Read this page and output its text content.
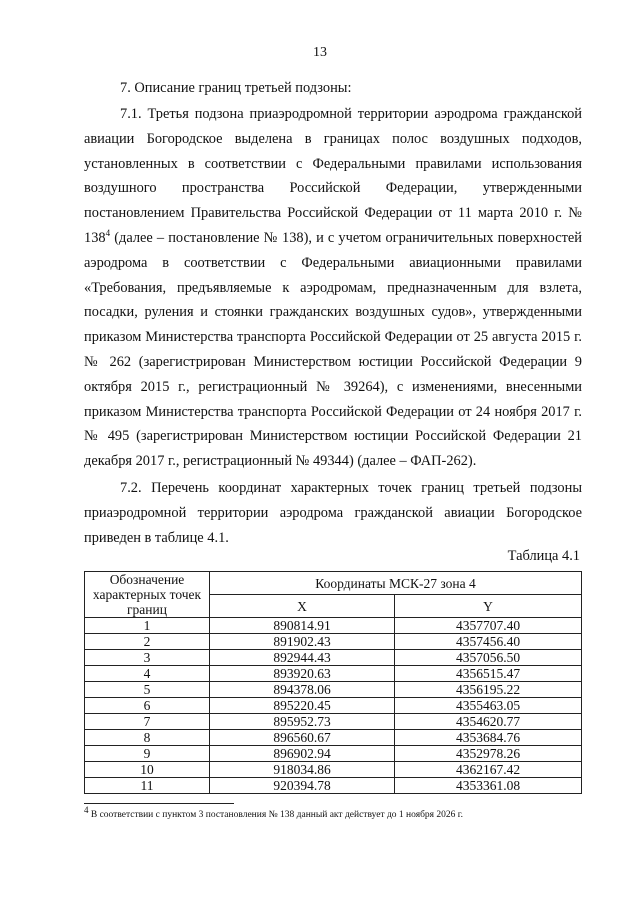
13
7. Описание границ третьей подзоны:
7.1. Третья подзона приаэродромной территории аэродрома гражданской авиации Богородское выделена в границах полос воздушных подходов, установленных в соответствии с Федеральными правилами использования воздушного пространства Российской Федерации, утвержденными постановлением Правительства Российской Федерации от 11 марта 2010 г. № $138^4$ (далее – постановление № 138), и с учетом ограничительных поверхностей аэродрома в соответствии с Федеральными авиационными правилами «Требования, предъявляемые к аэродромам, предназначенным для взлета, посадки, руления и стоянки гражданских воздушных судов», утвержденными приказом Министерства транспорта Российской Федерации от 25 августа 2015 г. № 262 (зарегистрирован Министерством юстиции Российской Федерации 9 октября 2015 г., регистрационный № 39264), с изменениями, внесенными приказом Министерства транспорта Российской Федерации от 24 ноября 2017 г. № 495 (зарегистрирован Министерством юстиции Российской Федерации 21 декабря 2017 г., регистрационный № 49344) (далее – ФАП-262).
7.2. Перечень координат характерных точек границ третьей подзоны приаэродромной территории аэродрома гражданской авиации Богородское приведен в таблице 4.1.
Таблица 4.1
Обозначение характерных точек границ	Координаты МСК-27 зона 4	
	X	Y
1	890814.91	4357707.40
2	891902.43	4357456.40
3	892944.43	4357056.50
4	893920.63	4356515.47
5	894378.06	4356195.22
6	895220.45	4355463.05
7	895952.73	4354620.77
8	896560.67	4353684.76
9	896902.94	4352978.26
10	918034.86	4362167.42
11	920394.78	4353361.08
$^4$ В соответствии с пунктом 3 постановления № 138 данный акт действует до 1 ноября 2026 г.
